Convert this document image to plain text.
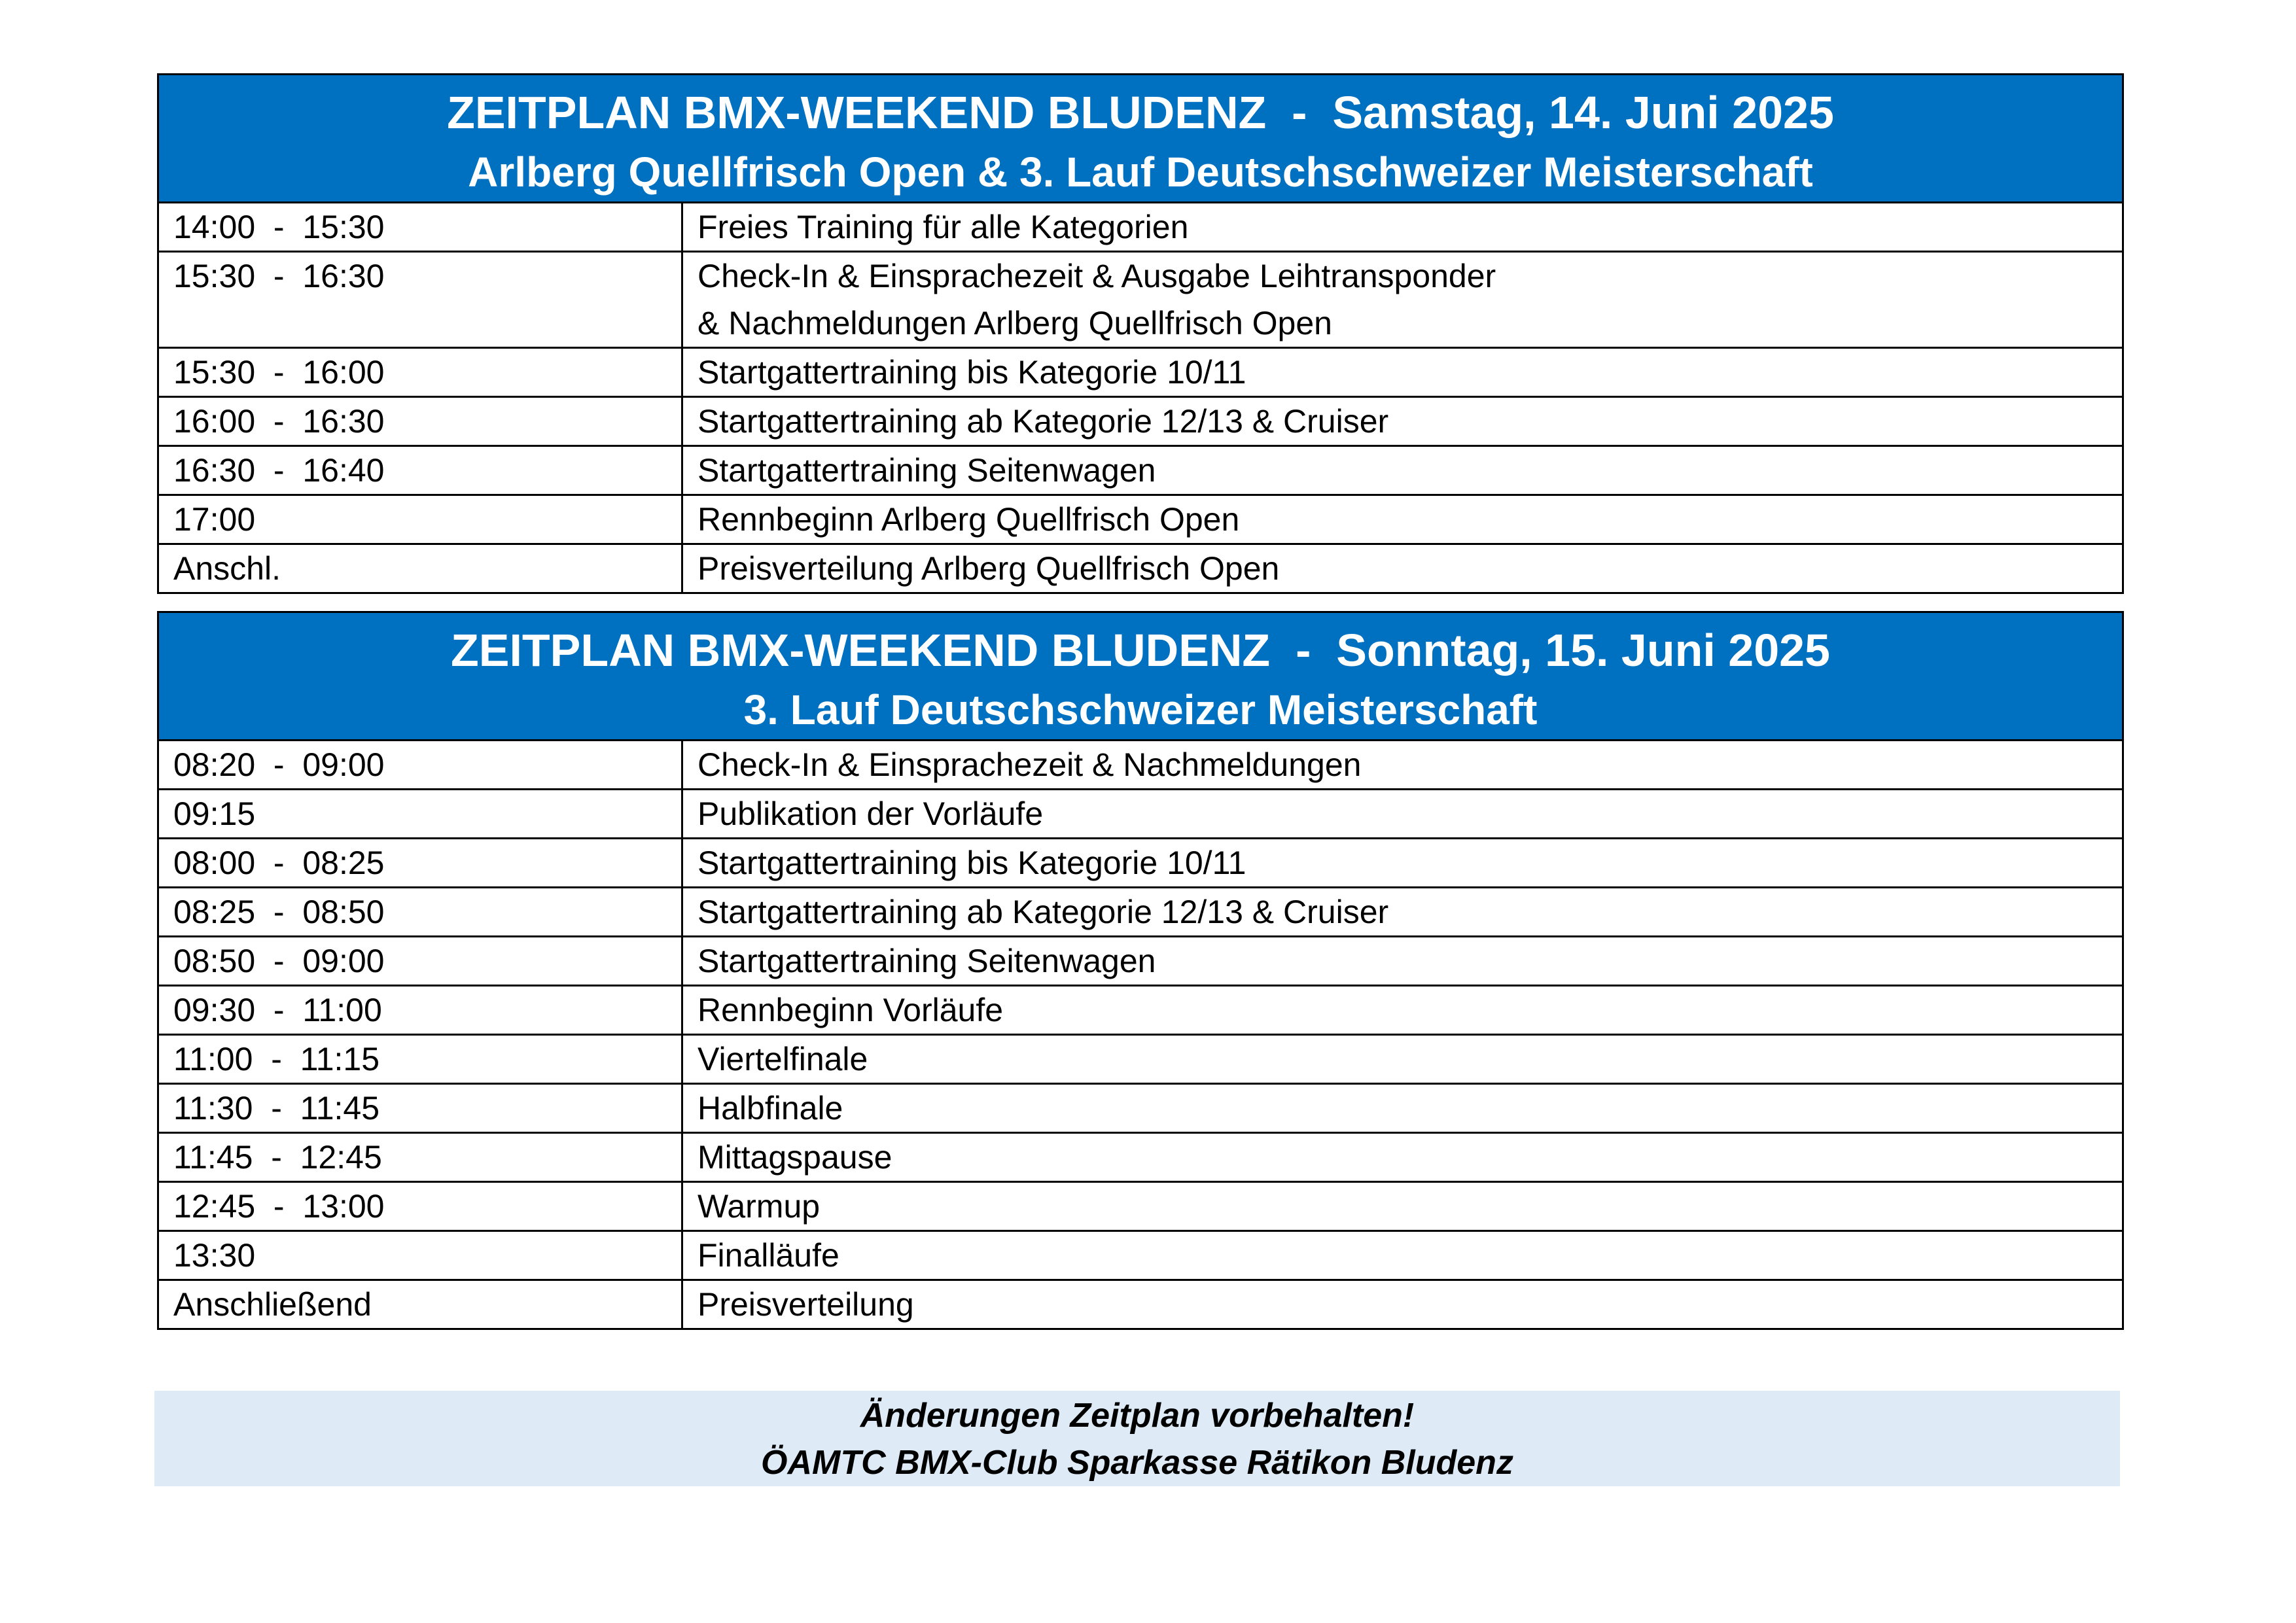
ZEITPLAN BMX-WEEKEND BLUDENZ  -  Samstag, 14. Juni 2025
Arlberg Quellfrisch Open & 3. Lauf Deutschschweizer Meisterschaft
14:00  -  15:30	Freies Training für alle Kategorien
15:30  -  16:30	Check-In & Einsprachezeit & Ausgabe Leihtransponder
& Nachmeldungen Arlberg Quellfrisch Open
15:30  -  16:00	Startgattertraining bis Kategorie 10/11
16:00  -  16:30	Startgattertraining ab Kategorie 12/13 & Cruiser
16:30  -  16:40	Startgattertraining Seitenwagen
17:00	Rennbeginn Arlberg Quellfrisch Open
Anschl.	Preisverteilung Arlberg Quellfrisch Open
ZEITPLAN BMX-WEEKEND BLUDENZ  -  Sonntag, 15. Juni 2025
3. Lauf Deutschschweizer Meisterschaft
08:20  -  09:00	Check-In & Einsprachezeit & Nachmeldungen
09:15	Publikation der Vorläufe
08:00  -  08:25	Startgattertraining bis Kategorie 10/11
08:25  -  08:50	Startgattertraining ab Kategorie 12/13 & Cruiser
08:50  -  09:00	Startgattertraining Seitenwagen
09:30  -  11:00	Rennbeginn Vorläufe
11:00  -  11:15	Viertelfinale
11:30  -  11:45	Halbfinale
11:45  -  12:45	Mittagspause
12:45  -  13:00	Warmup
13:30	Finalläufe
Anschließend	Preisverteilung
Änderungen Zeitplan vorbehalten!
ÖAMTC BMX-Club Sparkasse Rätikon Bludenz
